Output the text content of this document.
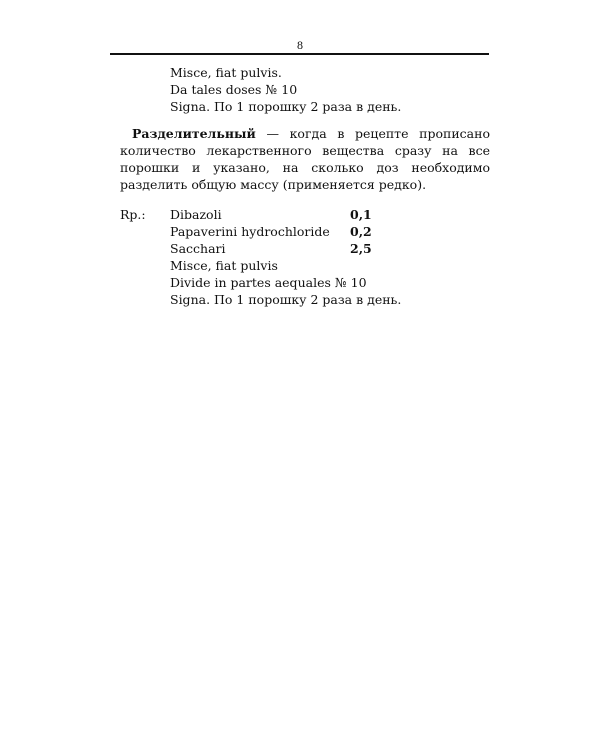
8
Misce, fiat pulvis.
Da tales doses № 10
Signa. По 1 порошку 2 раза в день.

Разделительный — когда в рецепте прописано количество лекарственного вещества сразу на все порошки и указано, на сколько доз необходимо разделить общую массу (применяется редко).

Rp.:	Dibazoli	0,1
Papaverini hydrochloride	0,2
Sacchari	2,5
Misce, fiat pulvis
Divide in partes aequales № 10
Signa. По 1 порошку 2 раза в день.
